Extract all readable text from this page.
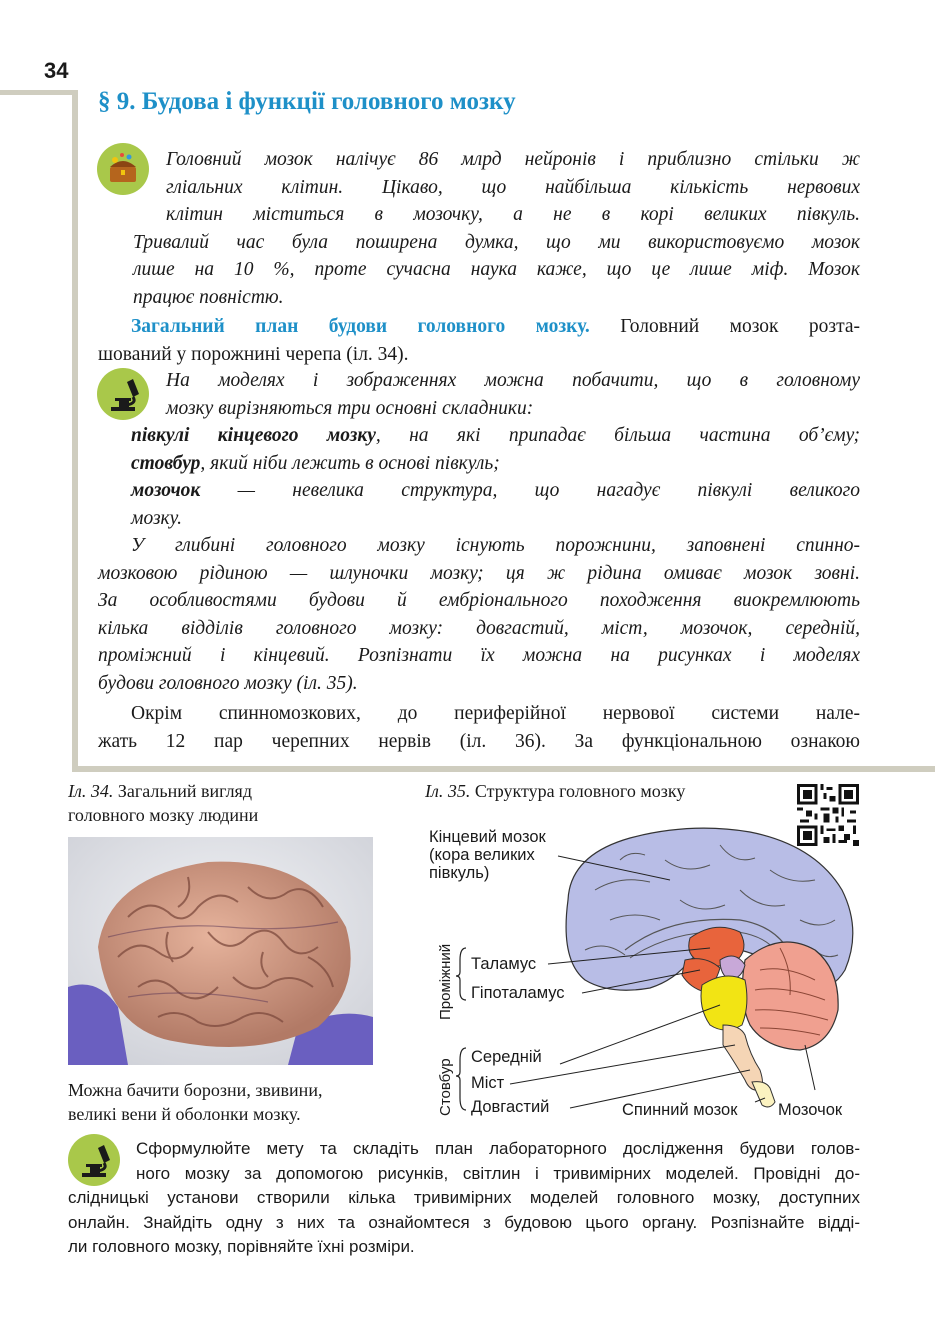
34
§ 9. Будова і функції головного мозку
Головний мозок налічує 86 млрд нейронів і приблизно стільки ж
гліальних клітин. Цікаво, що найбільша кількість нервових
клітин міститься в мозочку, а не в корі великих півкуль.
Тривалий час була поширена думка, що ми використовуємо мозок
лише на 10 %, проте сучасна наука каже, що це лише міф. Мозок
працює повністю.
Загальний план будови головного мозку. Головний мозок розта-
шований у порожнині черепа (іл. 34).
На моделях і зображеннях можна побачити, що в головному
мозку вирізняються три основні складники:
півкулі кінцевого мозку, на які припадає більша частина об’єму;
стовбур, який ніби лежить в основі півкуль;
мозочок — невелика структура, що нагадує півкулі великого
мозку.
У глибині головного мозку існують порожнини, заповнені спинно-
мозковою рідиною — шлуночки мозку; ця ж рідина омиває мозок зовні.
За особливостями будови й ембріонального походження виокремлюють
кілька відділів головного мозку: довгастий, міст, мозочок, середній,
проміжний і кінцевий. Розпізнати їх можна на рисунках і моделях
будови головного мозку (іл. 35).
Окрім спинномозкових, до периферійної нервової системи нале-
жать 12 пар черепних нервів (іл. 36). За функціональною ознакою
Іл. 34. Загальний вигляд
головного мозку людини
Можна бачити борозни, звивини,
великі вени й оболонки мозку.
Іл. 35. Структура головного мозку
Кінцевий мозок
(кора великих
півкуль)
Таламус
Гіпоталамус
Проміжний
Стовбур
Середній
Міст
Довгастий	Спинний мозок Мозочок
Сформулюйте мету та складіть план лабораторного дослідження будови голов-
ного мозку за допомогою рисунків, світлин і тривимірних моделей. Провідні до-
слідницькі установи створили кілька тривимірних моделей головного мозку, доступних
онлайн. Знайдіть одну з них та ознайомтеся з будовою цього органу. Розпізнайте відді-
ли головного мозку, порівняйте їхні розміри.
